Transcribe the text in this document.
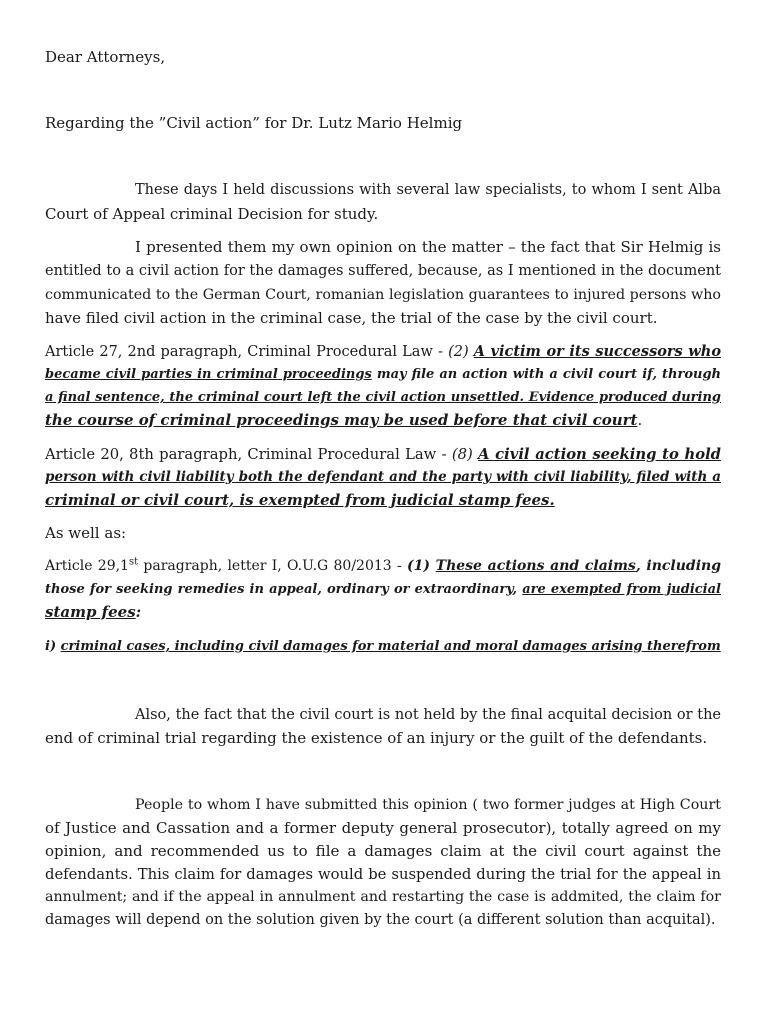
Dear Attorneys,
Regarding the ”Civil action” for Dr. Lutz Mario Helmig
These days I held discussions with several law specialists, to whom I sent Alba
Court of Appeal criminal Decision for study.
I presented them my own opinion on the matter – the fact that Sir Helmig is
entitled to a civil action for the damages suffered, because, as I mentioned in the document
communicated to the German Court, romanian legislation guarantees to injured persons who
have filed civil action in the criminal case, the trial of the case by the civil court.
Article 27, 2nd paragraph, Criminal Procedural Law - (2) A victim or its successors who
became civil parties in criminal proceedings may file an action with a civil court if, through
a final sentence, the criminal court left the civil action unsettled. Evidence produced during
the course of criminal proceedings may be used before that civil court.
Article 20, 8th paragraph, Criminal Procedural Law - (8) A civil action seeking to hold
person with civil liability both the defendant and the party with civil liability, filed with a
criminal or civil court, is exempted from judicial stamp fees.
As well as:
Article 29,1st paragraph, letter I, O.U.G 80/2013 - (1) These actions and claims, including
those for seeking remedies in appeal, ordinary or extraordinary, are exempted from judicial
stamp fees:
i) criminal cases, including civil damages for material and moral damages arising therefrom
Also, the fact that the civil court is not held by the final acquital decision or the
end of criminal trial regarding the existence of an injury or the guilt of the defendants.
People to whom I have submitted this opinion ( two former judges at High Court
of Justice and Cassation and a former deputy general prosecutor), totally agreed on my
opinion, and recommended us to file a damages claim at the civil court against the
defendants. This claim for damages would be suspended during the trial for the appeal in
annulment; and if the appeal in annulment and restarting the case is addmited, the claim for
damages will depend on the solution given by the court (a different solution than acquital).
